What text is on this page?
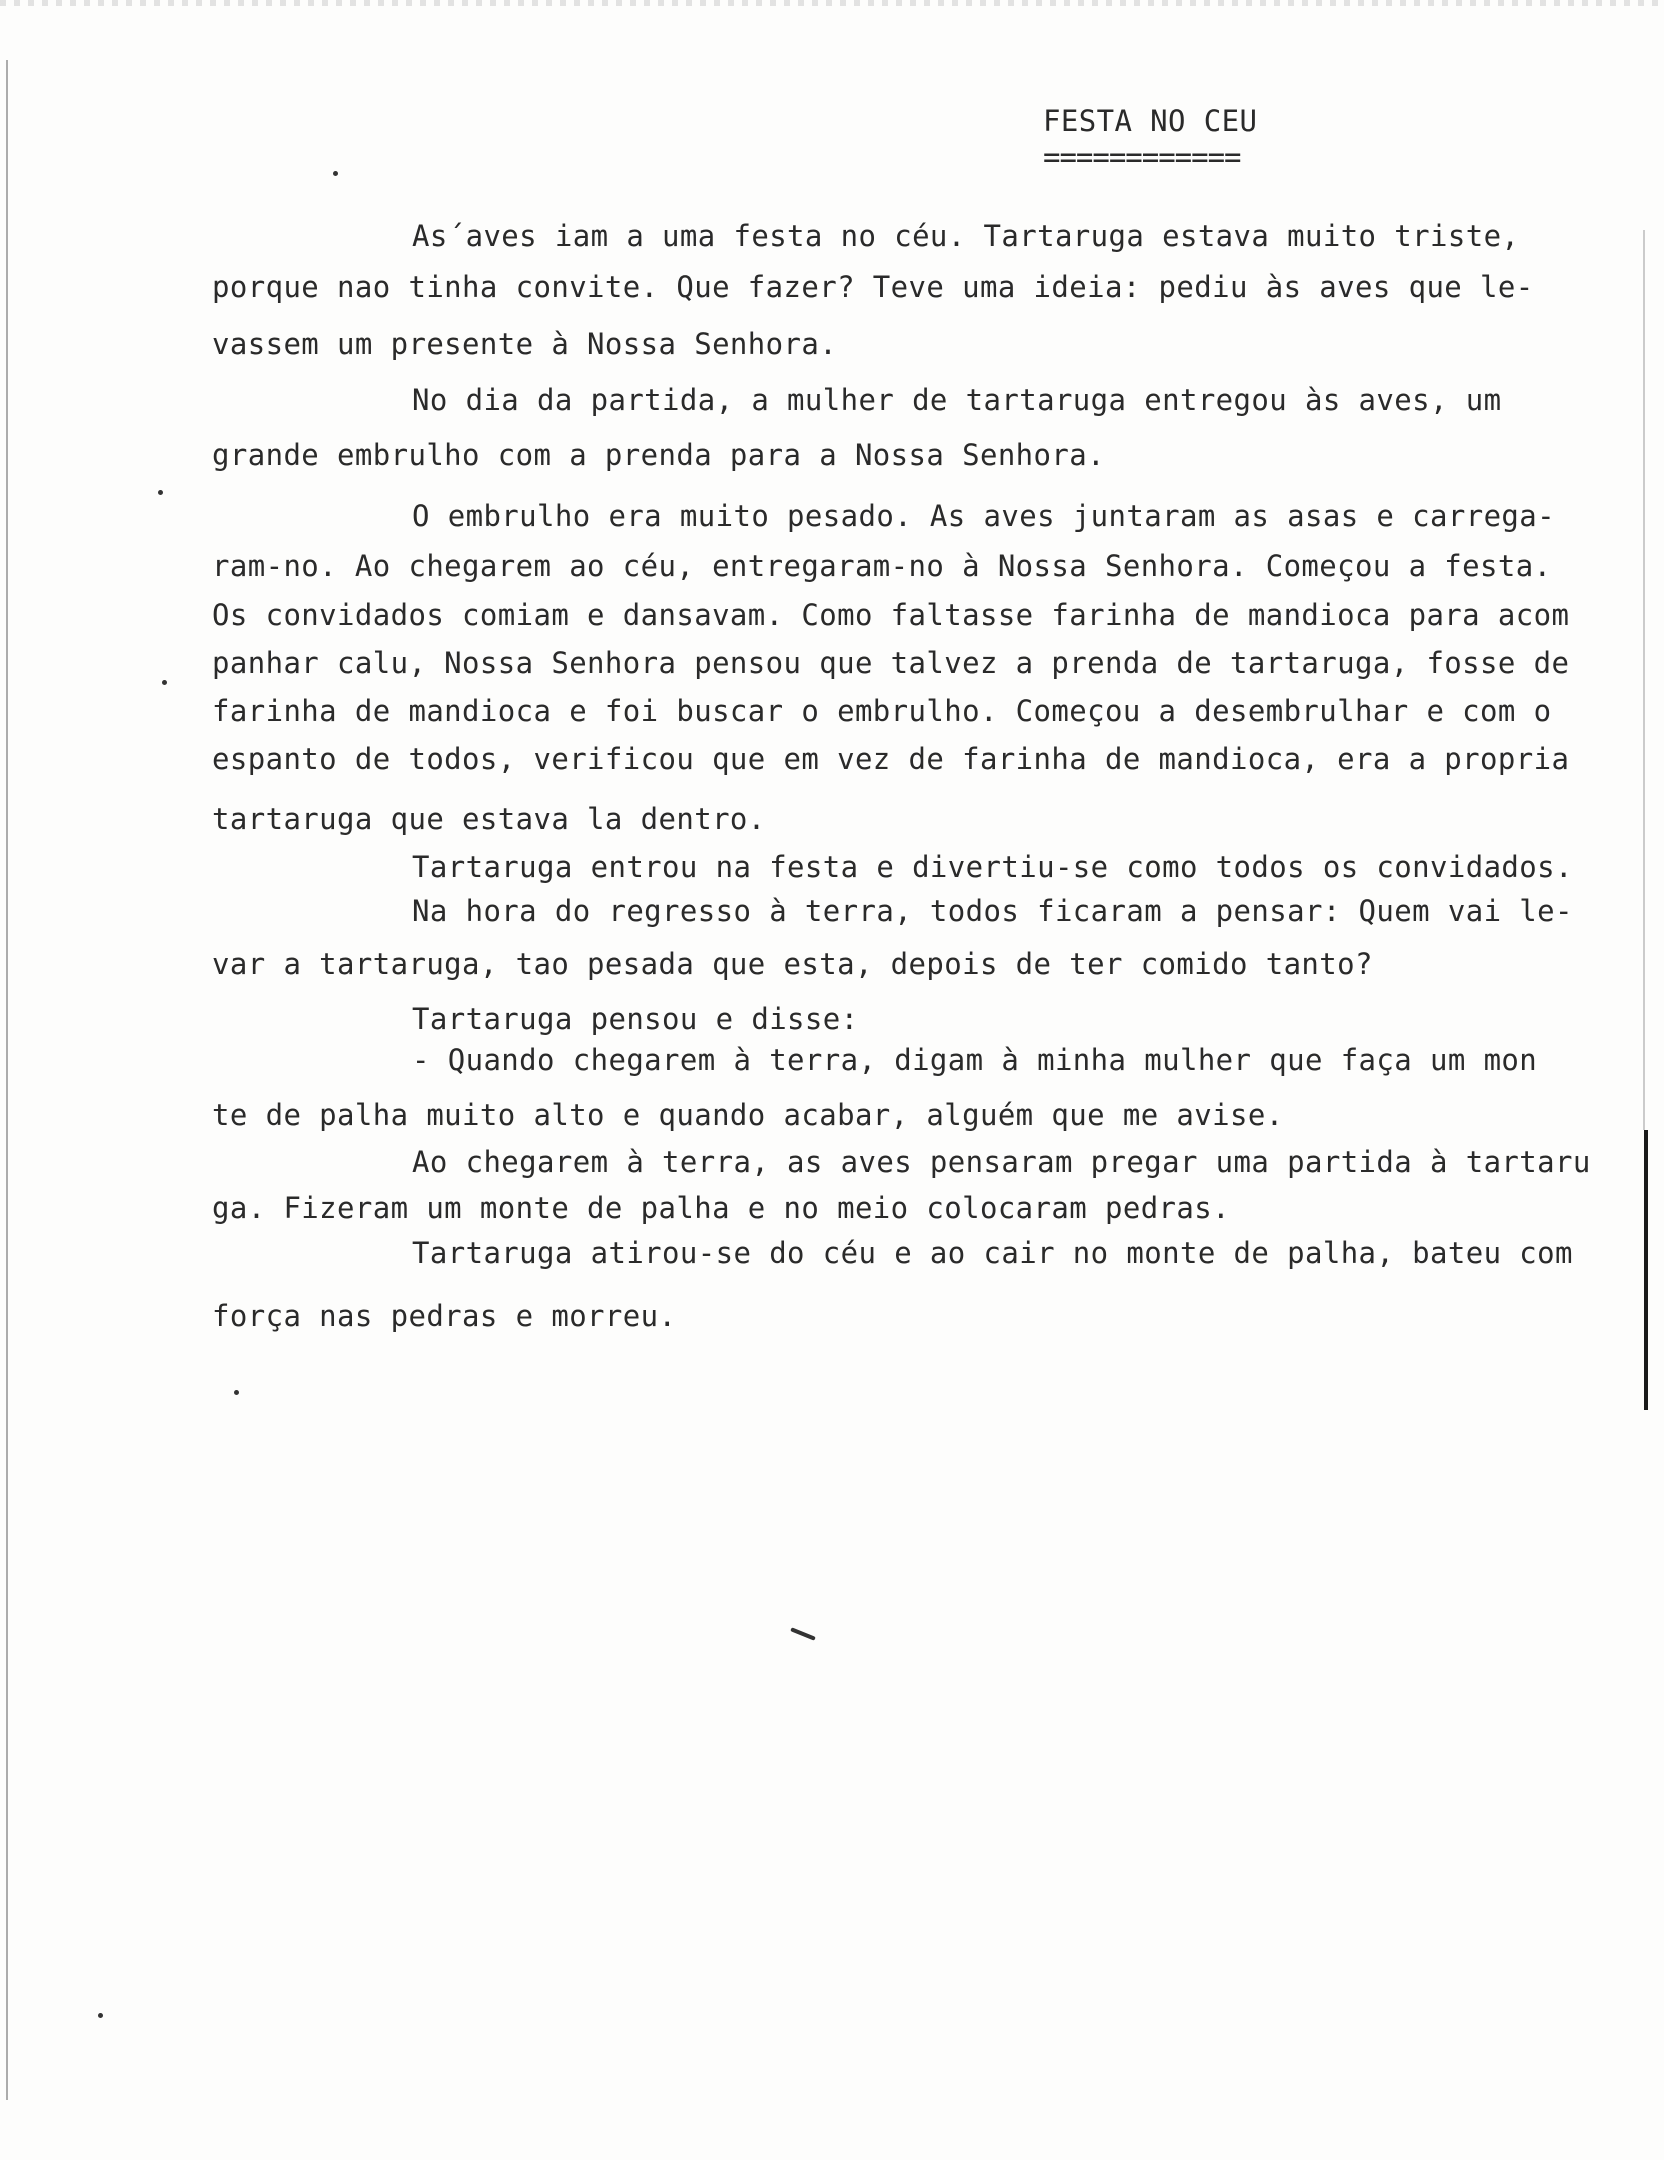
FESTA NO CEU
============

As´aves iam a uma festa no céu. Tartaruga estava muito triste,

porque nao tinha convite. Que fazer? Teve uma ideia: pediu às aves que le-

vassem um presente à Nossa Senhora.

No dia da partida, a mulher de tartaruga entregou às aves, um

grande embrulho com a prenda para a Nossa Senhora.

O embrulho era muito pesado. As aves juntaram as asas e carrega-

ram-no. Ao chegarem ao céu, entregaram-no à Nossa Senhora. Começou a festa.

Os convidados comiam e dansavam. Como faltasse farinha de mandioca para acom

panhar calu, Nossa Senhora pensou que talvez a prenda de tartaruga, fosse de

farinha de mandioca e foi buscar o embrulho. Começou a desembrulhar e com o

espanto de todos, verificou que em vez de farinha de mandioca, era a propria

tartaruga que estava la dentro.

Tartaruga entrou na festa e divertiu-se como todos os convidados.

Na hora do regresso à terra, todos ficaram a pensar: Quem vai le-

var a tartaruga, tao pesada que esta, depois de ter comido tanto?

Tartaruga pensou e disse:

- Quando chegarem à terra, digam à minha mulher que faça um mon

te de palha muito alto e quando acabar, alguém que me avise.

Ao chegarem à terra, as aves pensaram pregar uma partida à tartaru

ga. Fizeram um monte de palha e no meio colocaram pedras.

Tartaruga atirou-se do céu e ao cair no monte de palha, bateu com

força nas pedras e morreu.
